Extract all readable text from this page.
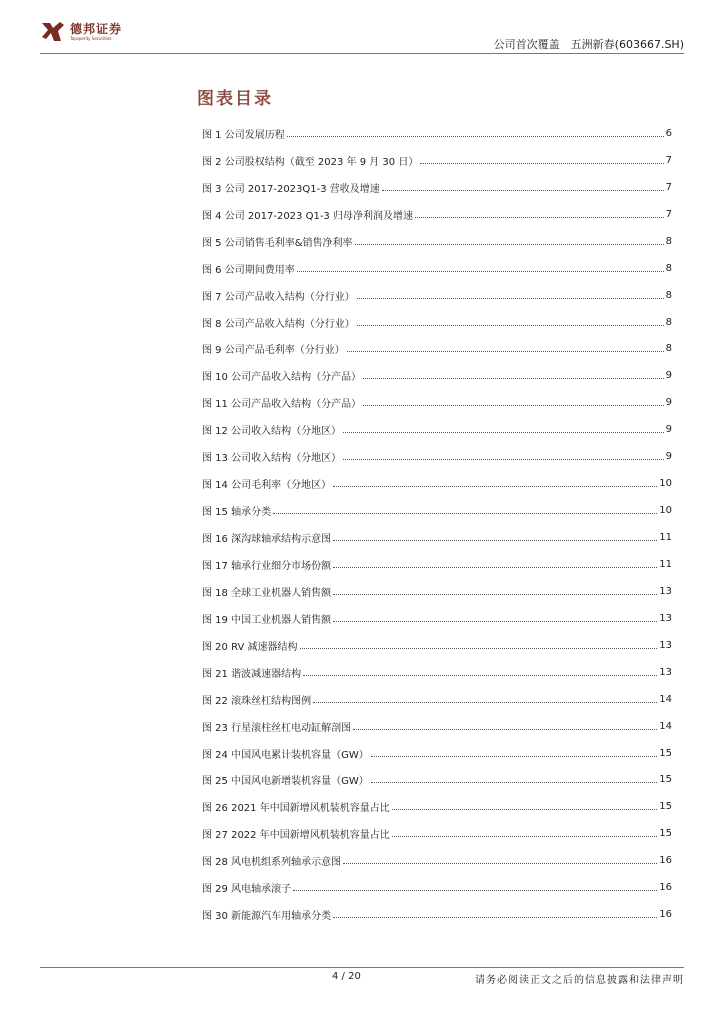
德邦证券
Topsperity Securities	公司首次覆盖　五洲新春(603667.SH)
图表目录
图 1 公司发展历程	6
图 2 公司股权结构（截至 2023 年 9 月 30 日）	7
图 3 公司 2017-2023Q1-3 营收及增速	7
图 4 公司 2017-2023 Q1-3 归母净利润及增速	7
图 5 公司销售毛利率&销售净利率	8
图 6 公司期间费用率	8
图 7 公司产品收入结构（分行业）	8
图 8 公司产品收入结构（分行业）	8
图 9 公司产品毛利率（分行业）	8
图 10 公司产品收入结构（分产品）	9
图 11 公司产品收入结构（分产品）	9
图 12 公司收入结构（分地区）	9
图 13 公司收入结构（分地区）	9
图 14 公司毛利率（分地区）	10
图 15 轴承分类	10
图 16 深沟球轴承结构示意图	11
图 17 轴承行业细分市场份额	11
图 18 全球工业机器人销售额	13
图 19 中国工业机器人销售额	13
图 20 RV 减速器结构	13
图 21 谐波减速器结构	13
图 22 滚珠丝杠结构图例	14
图 23 行星滚柱丝杠电动缸解剖图	14
图 24 中国风电累计装机容量（GW）	15
图 25 中国风电新增装机容量（GW）	15
图 26 2021 年中国新增风机装机容量占比	15
图 27 2022 年中国新增风机装机容量占比	15
图 28 风电机组系列轴承示意图	16
图 29 风电轴承滚子	16
图 30 新能源汽车用轴承分类	16
4 / 20	请务必阅读正文之后的信息披露和法律声明
